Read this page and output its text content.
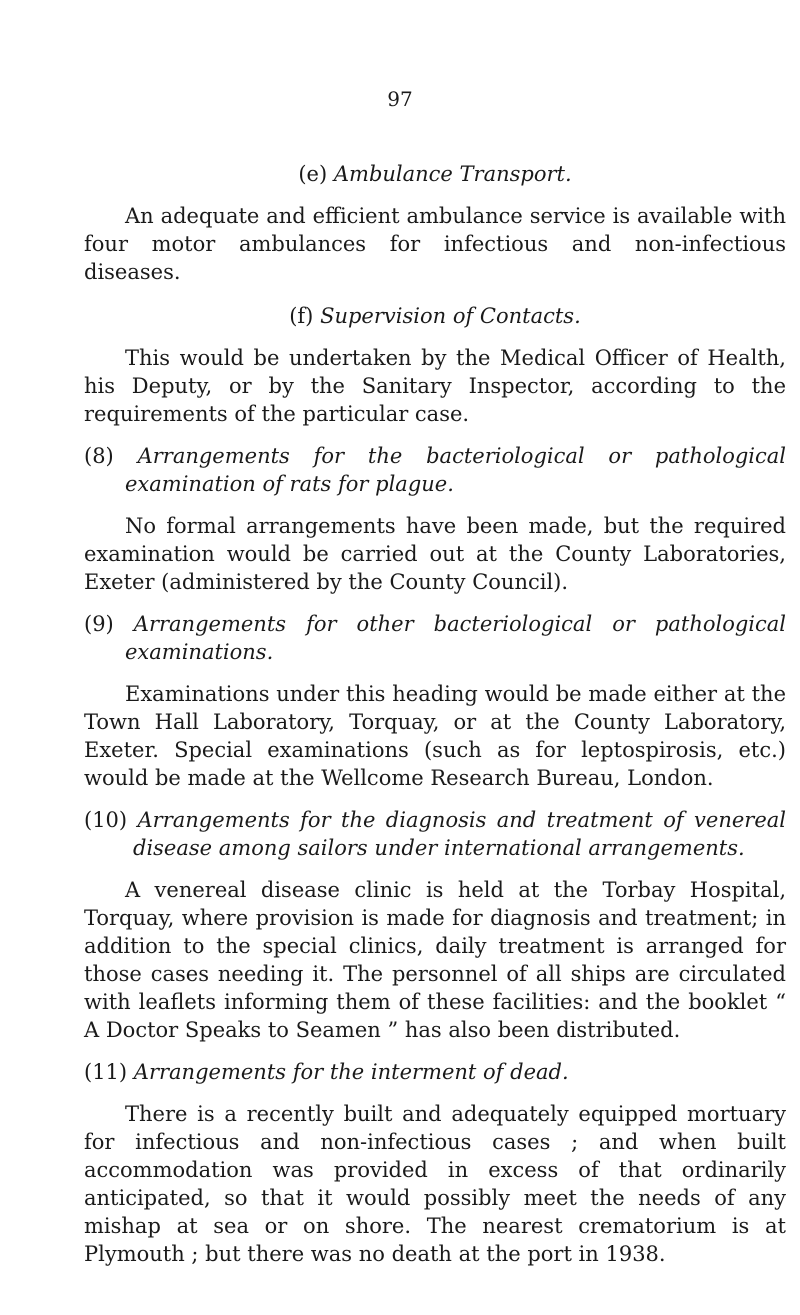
97
(e) Ambulance Transport.

An adequate and efficient ambulance service is available with four motor ambulances for infectious and non-infectious diseases.

(f) Supervision of Contacts.

This would be undertaken by the Medical Officer of Health, his Deputy, or by the Sanitary Inspector, according to the requirements of the particular case.

(8) Arrangements for the bacteriological or pathological examination of rats for plague.

No formal arrangements have been made, but the required examination would be carried out at the County Laboratories, Exeter (administered by the County Council).

(9) Arrangements for other bacteriological or pathological examinations.

Examinations under this heading would be made either at the Town Hall Laboratory, Torquay, or at the County Laboratory, Exeter. Special examinations (such as for leptospirosis, etc.) would be made at the Wellcome Research Bureau, London.

(10) Arrangements for the diagnosis and treatment of venereal disease among sailors under international arrangements.

A venereal disease clinic is held at the Torbay Hospital, Torquay, where provision is made for diagnosis and treatment; in addition to the special clinics, daily treatment is arranged for those cases needing it. The personnel of all ships are circulated with leaflets informing them of these facilities: and the booklet “ A Doctor Speaks to Seamen ” has also been distributed.

(11) Arrangements for the interment of dead.

There is a recently built and adequately equipped mortuary for infectious and non-infectious cases ; and when built accommodation was provided in excess of that ordinarily anticipated, so that it would possibly meet the needs of any mishap at sea or on shore. The nearest crematorium is at Plymouth ; but there was no death at the port in 1938.
